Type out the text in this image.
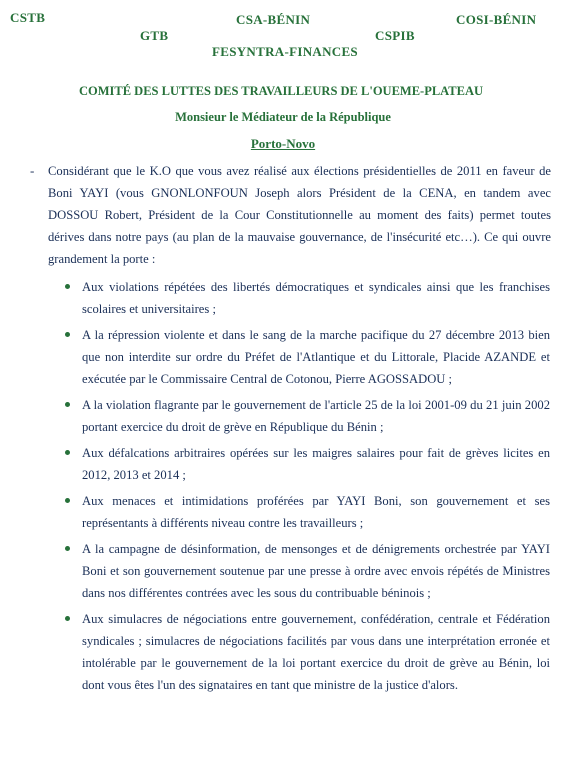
CSTB	CSA-BÉNIN	COSI-BÉNIN
GTB	CSPIB
FESYNTRA-FINANCES
COMITÉ DES LUTTES DES TRAVAILLEURS DE L'OUEME-PLATEAU
Monsieur le Médiateur de la République
Porto-Novo
- Considérant que le K.O que vous avez réalisé aux élections présidentielles de 2011 en faveur de Boni YAYI (vous GNONLONFOUN Joseph alors Président de la CENA, en tandem avec DOSSOU Robert, Président de la Cour Constitutionnelle au moment des faits) permet toutes dérives dans notre pays (au plan de la mauvaise gouvernance, de l'insécurité etc…). Ce qui ouvre grandement la porte :
Aux violations répétées des libertés démocratiques et syndicales ainsi que les franchises scolaires et universitaires ;
A la répression violente et dans le sang de la marche pacifique du 27 décembre 2013 bien que non interdite sur ordre du Préfet de l'Atlantique et du Littorale, Placide AZANDE et exécutée par le Commissaire Central de Cotonou, Pierre AGOSSADOU ;
A la violation flagrante par le gouvernement de l'article 25 de la loi 2001-09 du 21 juin 2002 portant exercice du droit de grève en République du Bénin ;
Aux défalcations arbitraires opérées sur les maigres salaires pour fait de grèves licites en 2012, 2013 et 2014 ;
Aux menaces et intimidations proférées par YAYI Boni, son gouvernement et ses représentants à différents niveau contre les travailleurs ;
A la campagne de désinformation, de mensonges et de dénigrements orchestrée par YAYI Boni et son gouvernement soutenue par une presse à ordre avec envois répétés de Ministres dans nos différentes contrées avec les sous du contribuable béninois ;
Aux simulacres de négociations entre gouvernement, confédération, centrale et Fédération syndicales ; simulacres de négociations facilités par vous dans une interprétation erronée et intolérable par le gouvernement de la loi portant exercice du droit de grève au Bénin, loi dont vous êtes l'un des signataires en tant que ministre de la justice d'alors.
